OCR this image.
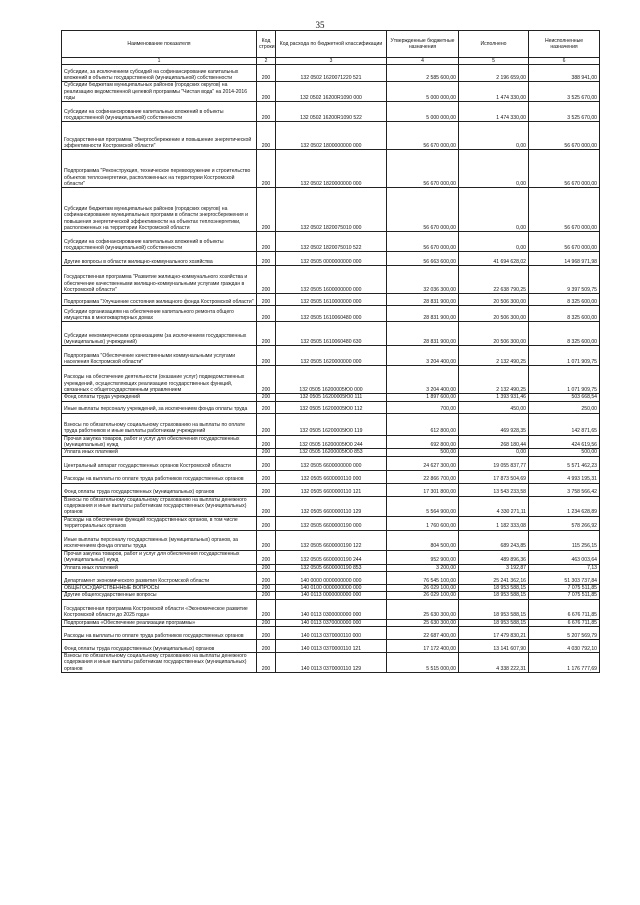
35
Наименование показателя	Код строки	Код расхода по бюджетной классификации	Утвержденные бюджетные назначения	Исполнено	Неисполненные назначения
1	2	3	4	5	6
Субсидии, за исключением субсидий на софинансирование капитальных вложений в объекты государственной (муниципальной) собственности	200	132 0502 1620071220 521	2 585 600,00	2 196 659,00	388 941,00
Субсидии бюджетам муниципальных районов (городских округов) на реализацию ведомственной целевой программы "Чистая вода" на 2014-2016 годы	200	132 0502 16200R1090 000	5 000 000,00	1 474 330,00	3 525 670,00
Субсидии на софинансирование капитальных вложений в объекты государственной (муниципальной) собственности	200	132 0502 16200R1090 522	5 000 000,00	1 474 330,00	3 525 670,00
Государственная программа "Энергосбережение и повышение энергетической эффективности Костромской области"	200	132 0502 1800000000 000	56 670 000,00	0,00	56 670 000,00
Подпрограмма "Реконструкция, техническое перевооружение и строительство объектов теплоэнергетики, расположенных на территории Костромской области"	200	132 0502 1820000000 000	56 670 000,00	0,00	56 670 000,00
Субсидии бюджетам муниципальных районов (городских округов) на софинансирование муниципальных программ в области энергосбережения и повышения энергетической эффективности на объектах теплоэнергетики, расположенных на территории Костромской области	200	132 0502 1820075010 000	56 670 000,00	0,00	56 670 000,00
Субсидии на софинансирование капитальных вложений в объекты государственной (муниципальной) собственности	200	132 0502 1820075010 522	56 670 000,00	0,00	56 670 000,00
Другие вопросы в области жилищно-коммунального хозяйства	200	132 0505 0000000000 000	56 663 600,00	41 694 628,02	14 968 971,98
Государственная программа "Развитие жилищно-коммунального хозяйства и обеспечение качественными жилищно-коммунальными услугами граждан в Костромской области"	200	132 0505 1600000000 000	32 036 300,00	22 638 790,25	9 397 509,75
Подпрограмма "Улучшение состояния жилищного фонда Костромской области"	200	132 0505 1610000000 000	28 831 900,00	20 506 300,00	8 325 600,00
Субсидии организациям на обеспечение капитального ремонта общего имущества в многоквартирных домах	200	132 0505 1610060480 000	28 831 900,00	20 506 300,00	8 325 600,00
Субсидии некоммерческим организациям (за исключением государственных (муниципальных) учреждений)	200	132 0505 1610060480 630	28 831 900,00	20 506 300,00	8 325 600,00
Подпрограмма "Обеспечение качественными коммунальными услугами населения Костромской области"	200	132 0505 1620000000 000	3 204 400,00	2 132 490,25	1 071 909,75
Расходы на обеспечение деятельности (оказание услуг) подведомственных учреждений, осуществляющих реализацию государственных функций, связанных с общегосударственным управлением	200	132 0505 16200005Ю0 000	3 204 400,00	2 132 490,25	1 071 909,75
Фонд оплаты труда учреждений	200	132 0505 16200005Ю0 111	1 897 600,00	1 393 931,46	503 668,54
Иные выплаты персоналу учреждений, за исключением фонда оплаты труда	200	132 0505 16200005Ю0 112	700,00	450,00	250,00
Взносы по обязательному социальному страхованию на выплаты по оплате труда работников и иные выплаты работникам учреждений	200	132 0505 16200005Ю0 119	612 800,00	469 928,35	142 871,65
Прочая закупка товаров, работ и услуг для обеспечения государственных (муниципальных) нужд	200	132 0505 16200005Ю0 244	692 800,00	268 180,44	424 619,56
Уплата иных платежей	200	132 0505 16200005Ю0 853	500,00	0,00	500,00
Центральный аппарат государственных органов Костромской области	200	132 0505 6600000000 000	24 627 300,00	19 055 837,77	5 571 462,23
Расходы на выплаты по оплате труда работников государственных органов	200	132 0505 6600000110 000	22 866 700,00	17 873 504,69	4 993 195,31
Фонд оплаты труда государственных (муниципальных) органов	200	132 0505 6600000110 121	17 301 800,00	13 543 233,58	3 758 566,42
Взносы по обязательному социальному страхованию на выплаты денежного содержания и иные выплаты работникам государственных (муниципальных) органов	200	132 0505 6600000110 129	5 564 900,00	4 330 271,11	1 234 628,89
Расходы на обеспечение функций государственных органов, в том числе территориальных органов	200	132 0505 6600000190 000	1 760 600,00	1 182 333,08	578 266,92
Иные выплаты персоналу государственных (муниципальных) органов, за исключением фонда оплаты труда	200	132 0505 6600000190 122	804 500,00	689 243,85	115 256,15
Прочая закупка товаров, работ и услуг для обеспечения государственных (муниципальных) нужд	200	132 0505 6600000190 244	952 900,00	489 896,36	463 003,64
Уплата иных платежей	200	132 0505 6600000190 853	3 200,00	3 192,87	7,13
Департамент экономического развития Костромской области	200	140 0000 0000000000 000	76 545 100,00	25 241 362,16	51 303 737,84
ОБЩЕГОСУДАРСТВЕННЫЕ ВОПРОСЫ	200	140 0100 0000000000 000	26 029 100,00	18 953 588,15	7 075 511,85
Другие общегосударственные вопросы	200	140 0113 0000000000 000	26 029 100,00	18 953 588,15	7 075 511,85
Государственная программа Костромской области «Экономическое развитие Костромской области до 2025 года»	200	140 0113 0300000000 000	25 630 300,00	18 953 588,15	6 676 711,85
Подпрограмма «Обеспечение реализации программы»	200	140 0113 0370000000 000	25 630 300,00	18 953 588,15	6 676 711,85
Расходы на выплаты по оплате труда работников государственных органов	200	140 0113 0370000110 000	22 687 400,00	17 479 830,21	5 207 569,79
Фонд оплаты труда государственных (муниципальных) органов	200	140 0113 0370000110 121	17 172 400,00	13 141 607,90	4 030 792,10
Взносы по обязательному социальному страхованию на выплаты денежного содержания и иные выплаты работникам государственных (муниципальных) органов	200	140 0113 0370000110 129	5 515 000,00	4 338 222,31	1 176 777,69
